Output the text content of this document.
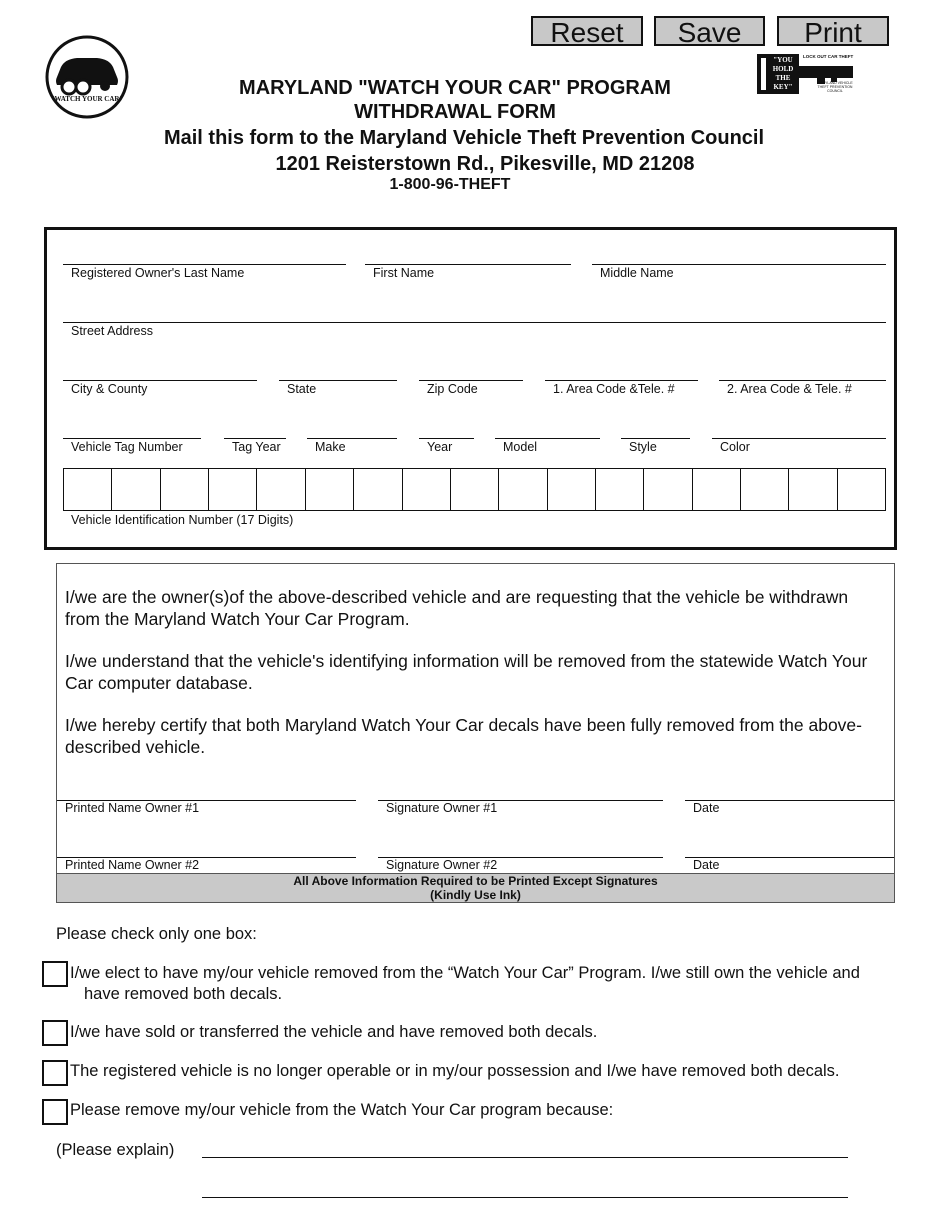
Reset	Save	Print
"WATCH YOUR CAR"
"YOU HOLD THE KEY"
LOCK OUT CAR THEFT
MARYLAND VEHICLE THEFT PREVENTION COUNCIL
MARYLAND "WATCH YOUR CAR" PROGRAM
WITHDRAWAL FORM
Mail this form to the Maryland Vehicle Theft Prevention Council
1201 Reisterstown Rd., Pikesville, MD 21208
1-800-96-THEFT
Registered Owner's Last Name	First Name	Middle Name
Street Address
City & County	State	Zip Code	1. Area Code &Tele. #	2. Area Code & Tele. #
Vehicle Tag Number	Tag Year	Make	Year	Model	Style	Color
Vehicle Identification Number (17 Digits)
I/we are the owner(s)of the above-described vehicle and are requesting that the vehicle be withdrawn from the Maryland Watch Your Car Program.
I/we understand that the vehicle's identifying information will be removed from the statewide Watch Your Car computer database.
I/we hereby certify that both Maryland Watch Your Car decals have been fully removed from the above-described vehicle.
Printed Name Owner #1	Signature Owner #1	Date
Printed Name Owner #2	Signature Owner #2	Date
All Above Information Required to be Printed Except Signatures
(Kindly Use Ink)
Please check only one box:
I/we elect to have my/our vehicle removed from the “Watch Your Car” Program. I/we still own the vehicle and have removed both decals.
I/we have sold or transferred the vehicle and have removed both decals.
The registered vehicle is no longer operable or in my/our possession and I/we have removed both decals.
Please remove my/our vehicle from the Watch Your Car program because:
(Please explain)
